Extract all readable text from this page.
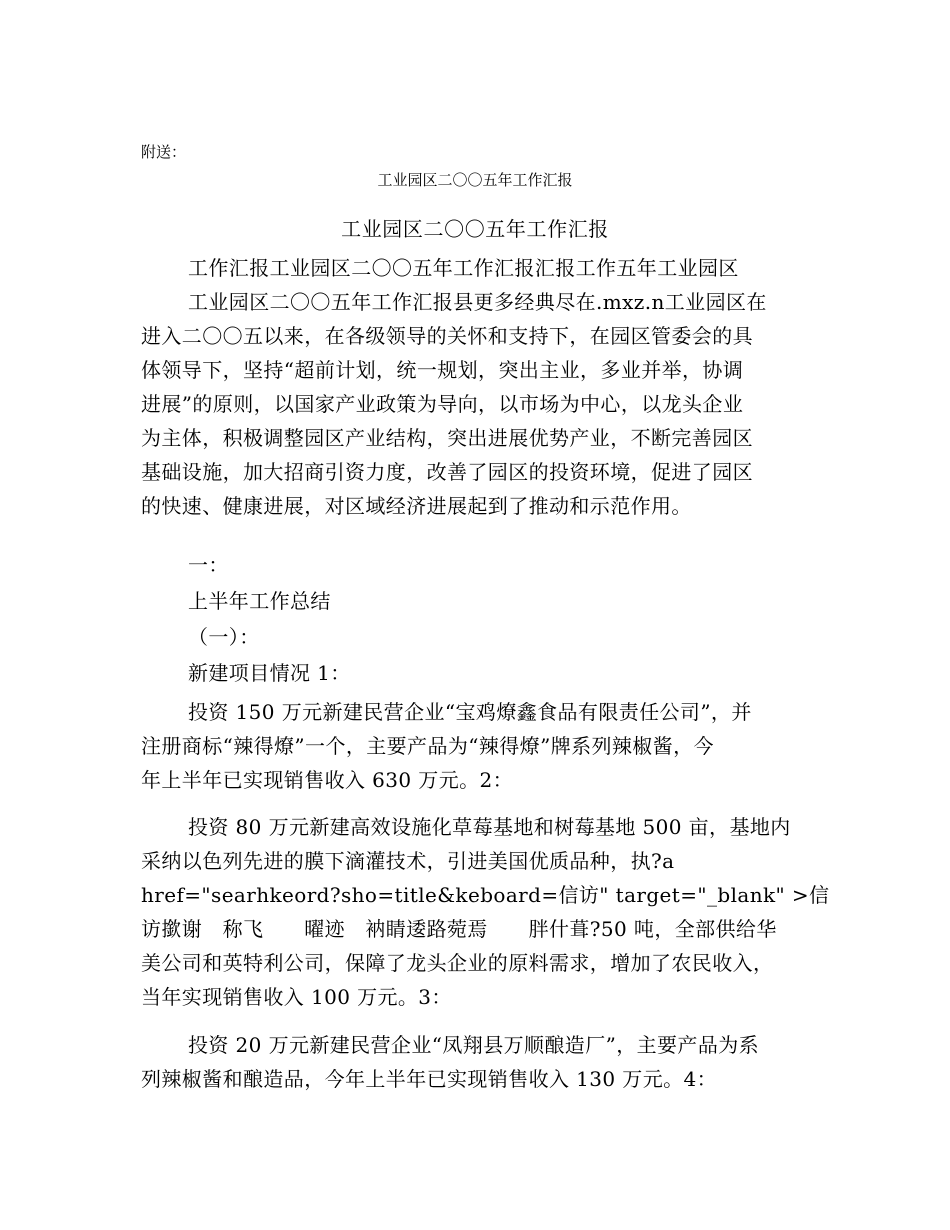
附送：
工业园区二〇〇五年工作汇报
工业园区二〇〇五年工作汇报
工作汇报工业园区二〇〇五年工作汇报汇报工作五年工业园区
工业园区二〇〇五年工作汇报县更多经典尽在.mxz.n工业园区在
进入二〇〇五以来，在各级领导的关怀和支持下，在园区管委会的具
体领导下，坚持“超前计划，统一规划，突出主业，多业并举，协调
进展”的原则，以国家产业政策为导向，以市场为中心，以龙头企业
为主体，积极调整园区产业结构，突出进展优势产业，不断完善园区
基础设施，加大招商引资力度，改善了园区的投资环境，促进了园区
的快速、健康进展，对区域经济进展起到了推动和示范作用。
一：
上半年工作总结
（一）：
新建项目情况 1：
投资 150 万元新建民营企业“宝鸡燎鑫食品有限责任公司”，并
注册商标“辣得燎”一个，主要产品为“辣得燎”牌系列辣椒酱，今
年上半年已实现销售收入 630 万元。2：
投资 80 万元新建高效设施化草莓基地和树莓基地 500 亩，基地内
采纳以色列先进的膜下滴灌技术，引进美国优质品种，执?a
href="searhkeord?sho=title&keboard=信访" target="_blank" >信
访撳谢　称飞　　曜迹　衲睛逶路菀焉　　胖什葺?50 吨，全部供给华
美公司和英特利公司，保障了龙头企业的原料需求，增加了农民收入，
当年实现销售收入 100 万元。3：
投资 20 万元新建民营企业“凤翔县万顺酿造厂”，主要产品为系
列辣椒酱和酿造品，今年上半年已实现销售收入 130 万元。4：
